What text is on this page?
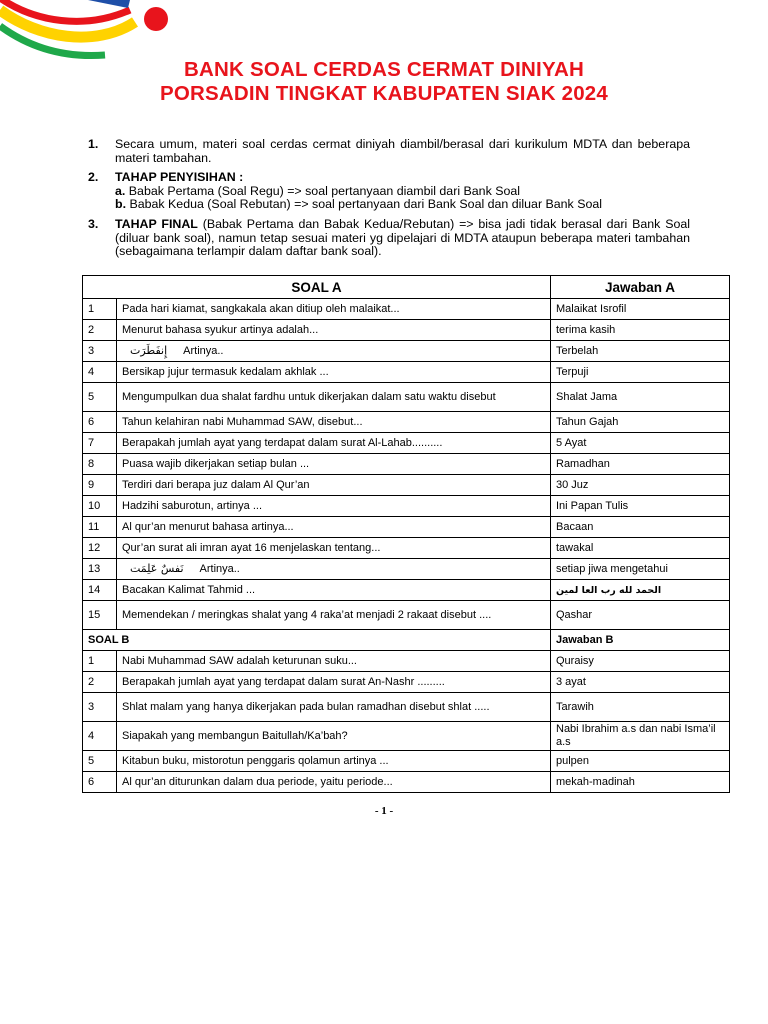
BANK SOAL CERDAS CERMAT DINIYAH
PORSADIN TINGKAT KABUPATEN SIAK 2024
1.	Secara umum, materi soal cerdas cermat diniyah diambil/berasal dari kurikulum MDTA dan beberapa materi tambahan.
2.	TAHAP PENYISIHAN :
a. Babak Pertama (Soal Regu) => soal pertanyaan diambil dari Bank Soal
b. Babak Kedua (Soal Rebutan) => soal pertanyaan dari Bank Soal dan diluar Bank Soal
3.	TAHAP FINAL (Babak Pertama dan Babak Kedua/Rebutan) => bisa jadi tidak berasal dari Bank Soal (diluar bank soal), namun tetap sesuai materi yg dipelajari di MDTA ataupun beberapa materi tambahan (sebagaimana terlampir dalam daftar bank soal).
SOAL A		Jawaban A
1	Pada hari kiamat, sangkakala akan ditiup oleh malaikat...	Malaikat Isrofil
2	Menurut bahasa syukur artinya adalah...	terima kasih
3	إِنفَطَرَت Artinya..	Terbelah
4	Bersikap jujur termasuk kedalam akhlak ...	Terpuji
5	Mengumpulkan dua shalat fardhu untuk dikerjakan dalam satu waktu disebut	Shalat Jama
6	Tahun kelahiran nabi Muhammad SAW, disebut...	Tahun Gajah
7	Berapakah jumlah ayat yang terdapat dalam surat Al-Lahab..........	5 Ayat
8	Puasa wajib dikerjakan setiap bulan ...	Ramadhan
9	Terdiri dari berapa juz dalam Al Qur’an	30 Juz
10	Hadzihi saburotun, artinya ...	Ini Papan Tulis
11	Al qur’an menurut bahasa artinya...	Bacaan
12	Qur’an surat ali imran ayat 16 menjelaskan tentang...	tawakal
13	نَفسٌ عَلِمَت Artinya..	setiap jiwa mengetahui
14	Bacakan Kalimat Tahmid ...	الحمد لله رب العا لمين
15	Memendekan / meringkas shalat yang 4 raka’at menjadi 2 rakaat disebut ....	Qashar
SOAL B		Jawaban B
1	Nabi Muhammad SAW adalah keturunan suku...	Quraisy
2	Berapakah jumlah ayat yang terdapat dalam surat An-Nashr .........	3 ayat
3	Shlat malam yang hanya dikerjakan pada bulan ramadhan disebut shlat .....	Tarawih
4	Siapakah yang membangun Baitullah/Ka’bah?	Nabi Ibrahim a.s dan nabi Isma’il a.s
5	Kitabun buku, mistorotun penggaris qolamun artinya ...	pulpen
6	Al qur’an diturunkan dalam dua periode, yaitu periode...	mekah-madinah
- 1 -
